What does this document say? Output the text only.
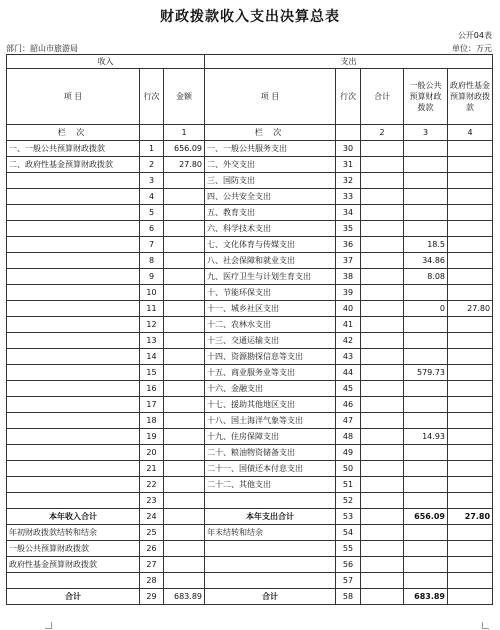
财政拨款收入支出决算总表
公开04表
部门：韶山市旅游局	单位：万元
收入			支出				
项 目	行次	金额	项 目	行次	合计	一般公共预算财政拨款	政府性基金预算财政拨款
栏 次		1	栏 次		2	3	4
一、一般公共预算财政拨款	1	656.09	一、一般公共服务支出	30			
二、政府性基金预算财政拨款	2	27.80	二、外交支出	31			
	3		三、国防支出	32			
	4		四、公共安全支出	33			
	5		五、教育支出	34			
	6		六、科学技术支出	35			
	7		七、文化体育与传媒支出	36		18.5	
	8		八、社会保障和就业支出	37		34.86	
	9		九、医疗卫生与计划生育支出	38		8.08	
	10		十、节能环保支出	39			
	11		十一、城乡社区支出	40		0	27.80
	12		十二、农林水支出	41			
	13		十三、交通运输支出	42			
	14		十四、资源勘探信息等支出	43			
	15		十五、商业服务业等支出	44		579.73	
	16		十六、金融支出	45			
	17		十七、援助其他地区支出	46			
	18		十八、国土海洋气象等支出	47			
	19		十九、住房保障支出	48		14.93	
	20		二十、粮油物资储备支出	49			
	21		二十一、国债还本付息支出	50			
	22		二十二、其他支出	51			
	23			52			
本年收入合计	24		本年支出合计	53		656.09	27.80
年初财政拨款结转和结余	25		年末结转和结余	54			
一般公共预算财政拨款	26			55			
政府性基金预算财政拨款	27			56			
	28			57			
合计	29	683.89	合计	58		683.89	
